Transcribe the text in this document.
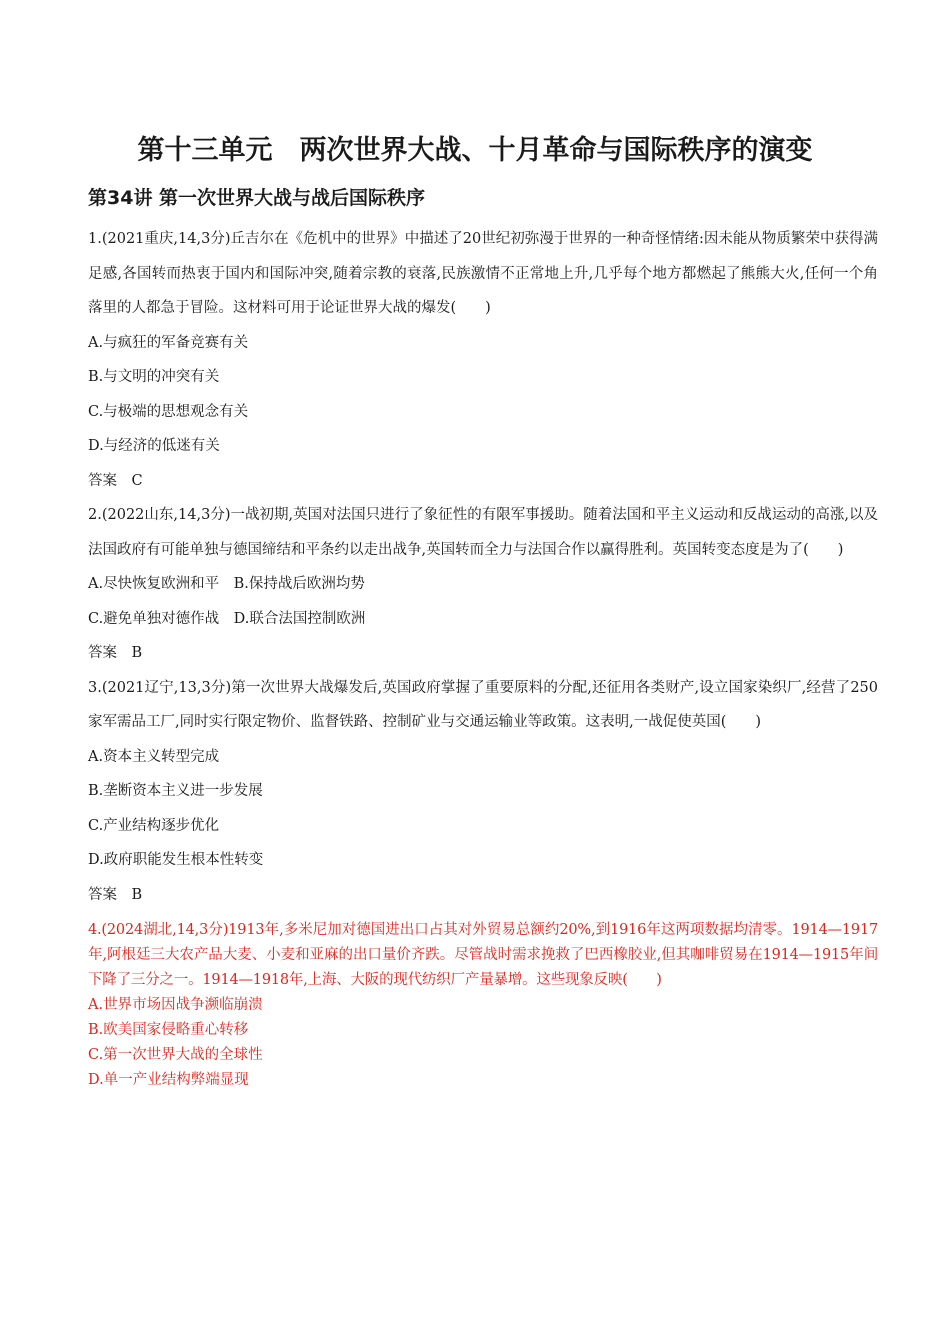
第十三单元　两次世界大战、十月革命与国际秩序的演变
第34讲 第一次世界大战与战后国际秩序
1.(2021重庆,14,3分)丘吉尔在《危机中的世界》中描述了20世纪初弥漫于世界的一种奇怪情绪:因未能从物质繁荣中获得满足感,各国转而热衷于国内和国际冲突,随着宗教的衰落,民族激情不正常地上升,几乎每个地方都燃起了熊熊大火,任何一个角落里的人都急于冒险。这材料可用于论证世界大战的爆发(　　)
A.与疯狂的军备竞赛有关
B.与文明的冲突有关
C.与极端的思想观念有关
D.与经济的低迷有关
答案　C
2.(2022山东,14,3分)一战初期,英国对法国只进行了象征性的有限军事援助。随着法国和平主义运动和反战运动的高涨,以及法国政府有可能单独与德国缔结和平条约以走出战争,英国转而全力与法国合作以赢得胜利。英国转变态度是为了(　　)
A.尽快恢复欧洲和平　B.保持战后欧洲均势
C.避免单独对德作战　D.联合法国控制欧洲
答案　B
3.(2021辽宁,13,3分)第一次世界大战爆发后,英国政府掌握了重要原料的分配,还征用各类财产,设立国家染织厂,经营了250家军需品工厂,同时实行限定物价、监督铁路、控制矿业与交通运输业等政策。这表明,一战促使英国(　　)
A.资本主义转型完成
B.垄断资本主义进一步发展
C.产业结构逐步优化
D.政府职能发生根本性转变
答案　B
4.(2024湖北,14,3分)1913年,多米尼加对德国进出口占其对外贸易总额约20%,到1916年这两项数据均清零。1914—1917年,阿根廷三大农产品大麦、小麦和亚麻的出口量价齐跌。尽管战时需求挽救了巴西橡胶业,但其咖啡贸易在1914—1915年间下降了三分之一。1914—1918年,上海、大阪的现代纺织厂产量暴增。这些现象反映(　　)
A.世界市场因战争濒临崩溃
B.欧美国家侵略重心转移
C.第一次世界大战的全球性
D.单一产业结构弊端显现
